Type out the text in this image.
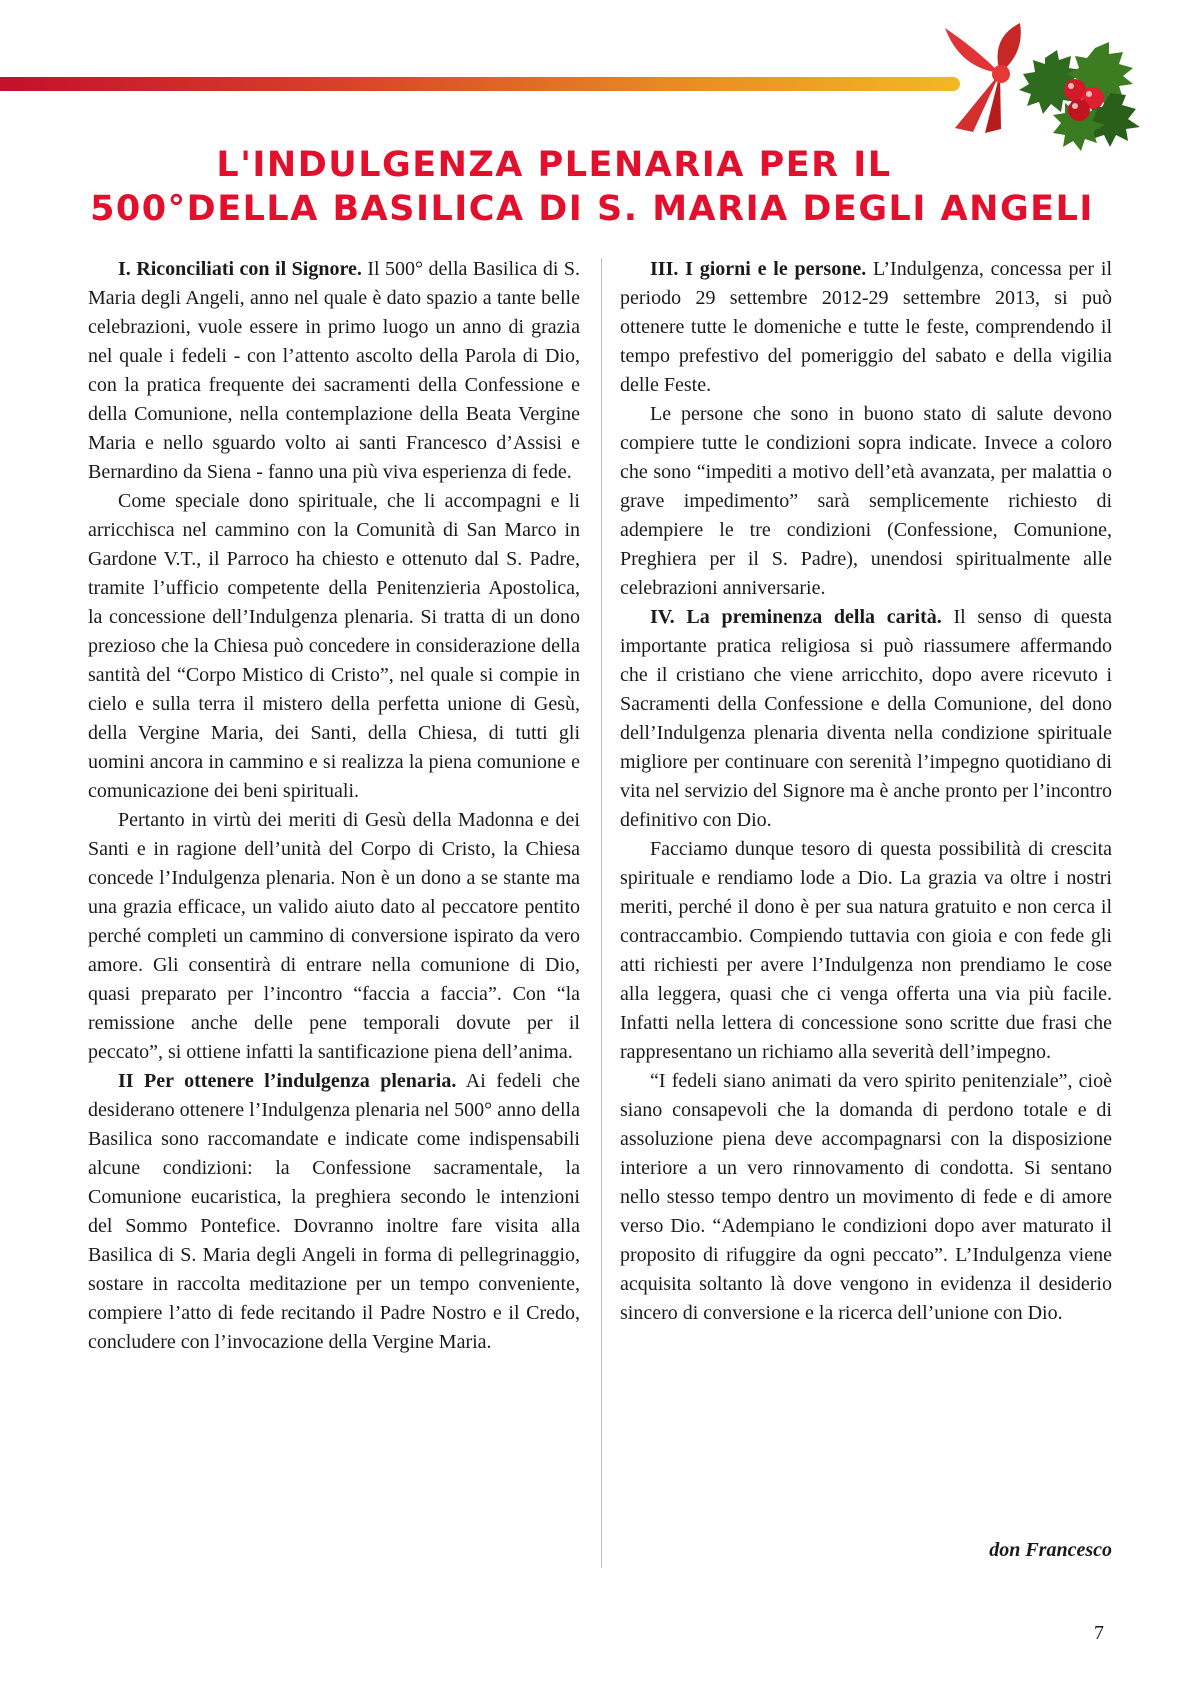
L'INDULGENZA PLENARIA PER IL
500°DELLA BASILICA DI S. MARIA DEGLI ANGELI

I. Riconciliati con il Signore. Il 500° della Basilica di S. Maria degli Angeli, anno nel quale è dato spazio a tante belle celebrazioni, vuole essere in primo luogo un anno di grazia nel quale i fedeli - con l’attento ascolto della Parola di Dio, con la pratica frequente dei sacramenti della Confessione e della Comunione, nella contemplazione della Beata Vergine Maria e nello sguardo volto ai santi Francesco d’Assisi e Bernardino da Siena - fanno una più viva esperienza di fede.

Come speciale dono spirituale, che li accompagni e li arricchisca nel cammino con la Comunità di San Marco in Gardone V.T., il Parroco ha chiesto e ottenuto dal S. Padre, tramite l’ufficio competente della Penitenzieria Apostolica, la concessione dell’Indulgenza plenaria. Si tratta di un dono prezioso che la Chiesa può concedere in considerazione della santità del “Corpo Mistico di Cristo”, nel quale si compie in cielo e sulla terra il mistero della perfetta unione di Gesù, della Vergine Maria, dei Santi, della Chiesa, di tutti gli uomini ancora in cammino e si realizza la piena comunione e comunicazione dei beni spirituali.

Pertanto in virtù dei meriti di Gesù della Madonna e dei Santi e in ragione dell’unità del Corpo di Cristo, la Chiesa concede l’Indulgenza plenaria. Non è un dono a se stante ma una grazia efficace, un valido aiuto dato al peccatore pentito perché completi un cammino di conversione ispirato da vero amore. Gli consentirà di entrare nella comunione di Dio, quasi preparato per l’incontro “faccia a faccia”. Con “la remissione anche delle pene temporali dovute per il peccato”, si ottiene infatti la santificazione piena dell’anima.

II Per ottenere l’indulgenza plenaria. Ai fedeli che desiderano ottenere l’Indulgenza plenaria nel 500° anno della Basilica sono raccomandate e indicate come indispensabili alcune condizioni: la Confessione sacramentale, la Comunione eucaristica, la preghiera secondo le intenzioni del Sommo Pontefice. Dovranno inoltre fare visita alla Basilica di S. Maria degli Angeli in forma di pellegrinaggio, sostare in raccolta meditazione per un tempo conveniente, compiere l’atto di fede recitando il Padre Nostro e il Credo, concludere con l’invocazione della Vergine Maria.

III. I giorni e le persone. L’Indulgenza, concessa per il periodo 29 settembre 2012-29 settembre 2013, si può ottenere tutte le domeniche e tutte le feste, comprendendo il tempo prefestivo del pomeriggio del sabato e della vigilia delle Feste.

Le persone che sono in buono stato di salute devono compiere tutte le condizioni sopra indicate. Invece a coloro che sono “impediti a motivo dell’età avanzata, per malattia o grave impedimento” sarà semplicemente richiesto di adempiere le tre condizioni (Confessione, Comunione, Preghiera per il S. Padre), unendosi spiritualmente alle celebrazioni anniversarie.

IV. La preminenza della carità. Il senso di questa importante pratica religiosa si può riassumere affermando che il cristiano che viene arricchito, dopo avere ricevuto i Sacramenti della Confessione e della Comunione, del dono dell’Indulgenza plenaria diventa nella condizione spirituale migliore per continuare con serenità l’impegno quotidiano di vita nel servizio del Signore ma è anche pronto per l’incontro definitivo con Dio.

Facciamo dunque tesoro di questa possibilità di crescita spirituale e rendiamo lode a Dio. La grazia va oltre i nostri meriti, perché il dono è per sua natura gratuito e non cerca il contraccambio. Compiendo tuttavia con gioia e con fede gli atti richiesti per avere l’Indulgenza non prendiamo le cose alla leggera, quasi che ci venga offerta una via più facile. Infatti nella lettera di concessione sono scritte due frasi che rappresentano un richiamo alla severità dell’impegno.

“I fedeli siano animati da vero spirito penitenziale”, cioè siano consapevoli che la domanda di perdono totale e di assoluzione piena deve accompagnarsi con la disposizione interiore a un vero rinnovamento di condotta. Si sentano nello stesso tempo dentro un movimento di fede e di amore verso Dio. “Adempiano le condizioni dopo aver maturato il proposito di rifuggire da ogni peccato”. L’Indulgenza viene acquisita soltanto là dove vengono in evidenza il desiderio sincero di conversione e la ricerca dell’unione con Dio.

don Francesco
7
